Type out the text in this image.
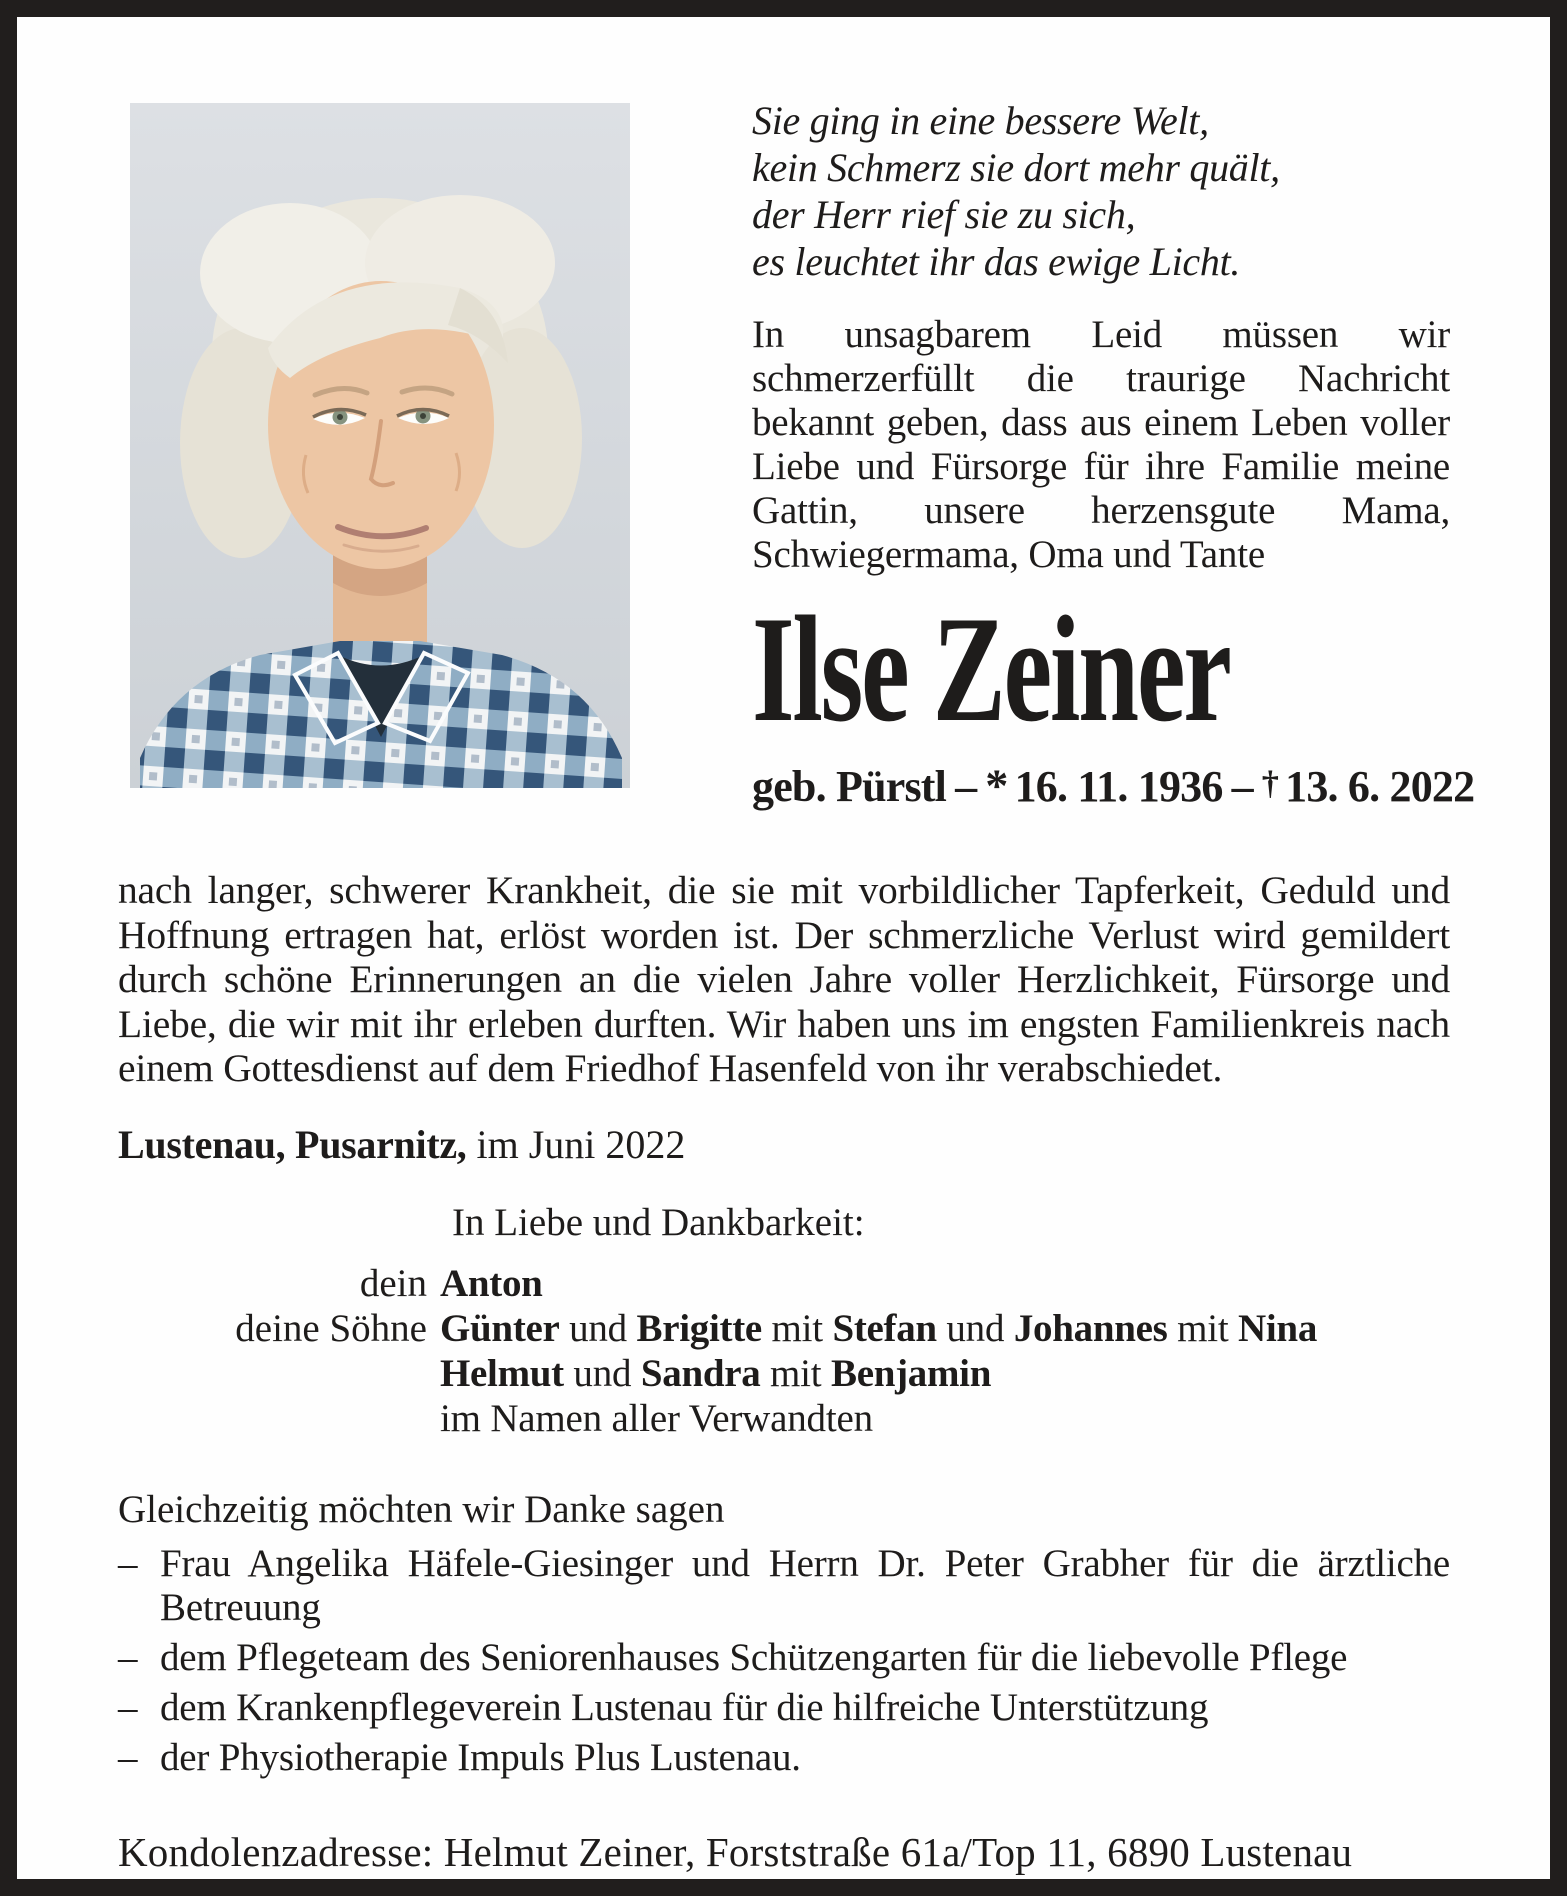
Sie ging in eine bessere Welt,
kein Schmerz sie dort mehr quält,
der Herr rief sie zu sich,
es leuchtet ihr das ewige Licht.

In unsagbarem Leid müssen wir schmerzerfüllt die traurige Nachricht bekannt geben, dass aus einem Leben voller Liebe und Fürsorge für ihre Familie meine Gattin, unsere herzensgute Mama, Schwiegermama, Oma und Tante

Ilse Zeiner
geb. Pürstl – * 16. 11. 1936 – † 13. 6. 2022

nach langer, schwerer Krankheit, die sie mit vorbildlicher Tapferkeit, Geduld und Hoffnung ertragen hat, erlöst worden ist. Der schmerzliche Verlust wird gemildert durch schöne Erinnerungen an die vielen Jahre voller Herzlichkeit, Fürsorge und Liebe, die wir mit ihr erleben durften. Wir haben uns im engsten Familienkreis nach einem Gottesdienst auf dem Friedhof Hasenfeld von ihr verabschiedet.

Lustenau, Pusarnitz, im Juni 2022

In Liebe und Dankbarkeit:

dein Anton
deine Söhne Günter und Brigitte mit Stefan und Johannes mit Nina
Helmut und Sandra mit Benjamin
im Namen aller Verwandten

Gleichzeitig möchten wir Danke sagen

– Frau Angelika Häfele-Giesinger und Herrn Dr. Peter Grabher für die ärztliche Betreuung
– dem Pflegeteam des Seniorenhauses Schützengarten für die liebevolle Pflege
– dem Krankenpflegeverein Lustenau für die hilfreiche Unterstützung
– der Physiotherapie Impuls Plus Lustenau.

Kondolenzadresse: Helmut Zeiner, Forststraße 61a/Top 11, 6890 Lustenau
